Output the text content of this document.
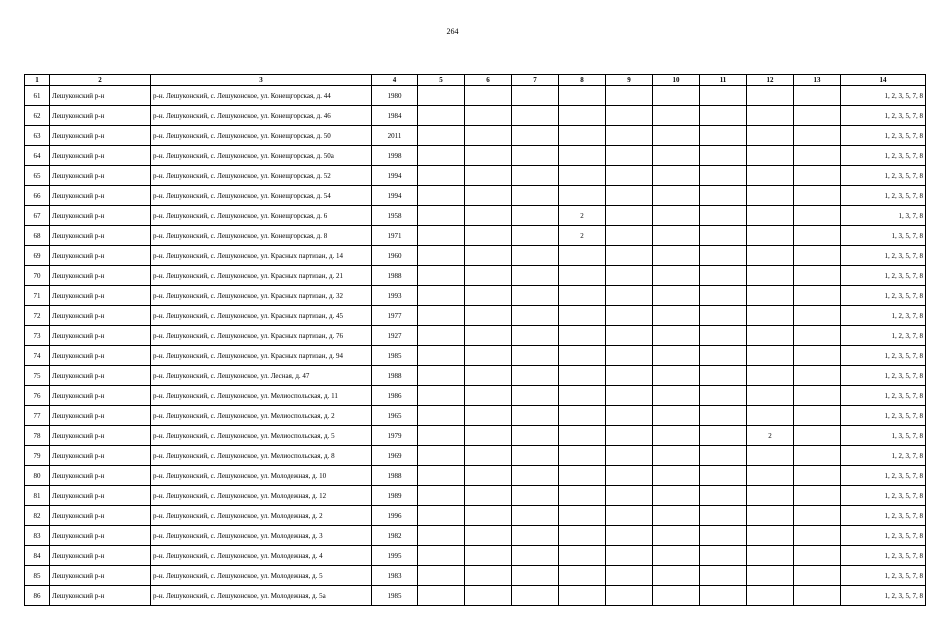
264
1	2	3	4	5	6	7	8	9	10	11	12	13	14
61	Лешуконский р-н	р-н. Лешуконский, с. Лешуконское, ул. Конещгорская, д. 44	1980										1, 2, 3, 5, 7, 8
62	Лешуконский р-н	р-н. Лешуконский, с. Лешуконское, ул. Конещгорская, д. 46	1984										1, 2, 3, 5, 7, 8
63	Лешуконский р-н	р-н. Лешуконский, с. Лешуконское, ул. Конещгорская, д. 50	2011										1, 2, 3, 5, 7, 8
64	Лешуконский р-н	р-н. Лешуконский, с. Лешуконское, ул. Конещгорская, д. 50а	1998										1, 2, 3, 5, 7, 8
65	Лешуконский р-н	р-н. Лешуконский, с. Лешуконское, ул. Конещгорская, д. 52	1994										1, 2, 3, 5, 7, 8
66	Лешуконский р-н	р-н. Лешуконский, с. Лешуконское, ул. Конещгорская, д. 54	1994										1, 2, 3, 5, 7, 8
67	Лешуконский р-н	р-н. Лешуконский, с. Лешуконское, ул. Конещгорская, д. 6	1958				2						1, 3, 7, 8
68	Лешуконский р-н	р-н. Лешуконский, с. Лешуконское, ул. Конещгорская, д. 8	1971				2						1, 3, 5, 7, 8
69	Лешуконский р-н	р-н. Лешуконский, с. Лешуконское, ул. Красных партизан, д. 14	1960										1, 2, 3, 5, 7, 8
70	Лешуконский р-н	р-н. Лешуконский, с. Лешуконское, ул. Красных партизан, д. 21	1988										1, 2, 3, 5, 7, 8
71	Лешуконский р-н	р-н. Лешуконский, с. Лешуконское, ул. Красных партизан, д. 32	1993										1, 2, 3, 5, 7, 8
72	Лешуконский р-н	р-н. Лешуконский, с. Лешуконское, ул. Красных партизан, д. 45	1977										1, 2, 3, 7, 8
73	Лешуконский р-н	р-н. Лешуконский, с. Лешуконское, ул. Красных партизан, д. 76	1927										1, 2, 3, 7, 8
74	Лешуконский р-н	р-н. Лешуконский, с. Лешуконское, ул. Красных партизан, д. 94	1985										1, 2, 3, 5, 7, 8
75	Лешуконский р-н	р-н. Лешуконский, с. Лешуконское, ул. Лесная, д. 47	1988										1, 2, 3, 5, 7, 8
76	Лешуконский р-н	р-н. Лешуконский, с. Лешуконское, ул. Мелиоспольская, д. 11	1986										1, 2, 3, 5, 7, 8
77	Лешуконский р-н	р-н. Лешуконский, с. Лешуконское, ул. Мелиоспольская, д. 2	1965										1, 2, 3, 5, 7, 8
78	Лешуконский р-н	р-н. Лешуконский, с. Лешуконское, ул. Мелиоспольская, д. 5	1979								2		1, 3, 5, 7, 8
79	Лешуконский р-н	р-н. Лешуконский, с. Лешуконское, ул. Мелиоспольская, д. 8	1969										1, 2, 3, 7, 8
80	Лешуконский р-н	р-н. Лешуконский, с. Лешуконское, ул. Молодежная, д. 10	1988										1, 2, 3, 5, 7, 8
81	Лешуконский р-н	р-н. Лешуконский, с. Лешуконское, ул. Молодежная, д. 12	1989										1, 2, 3, 5, 7, 8
82	Лешуконский р-н	р-н. Лешуконский, с. Лешуконское, ул. Молодежная, д. 2	1996										1, 2, 3, 5, 7, 8
83	Лешуконский р-н	р-н. Лешуконский, с. Лешуконское, ул. Молодежная, д. 3	1982										1, 2, 3, 5, 7, 8
84	Лешуконский р-н	р-н. Лешуконский, с. Лешуконское, ул. Молодежная, д. 4	1995										1, 2, 3, 5, 7, 8
85	Лешуконский р-н	р-н. Лешуконский, с. Лешуконское, ул. Молодежная, д. 5	1983										1, 2, 3, 5, 7, 8
86	Лешуконский р-н	р-н. Лешуконский, с. Лешуконское, ул. Молодежная, д. 5а	1985										1, 2, 3, 5, 7, 8
